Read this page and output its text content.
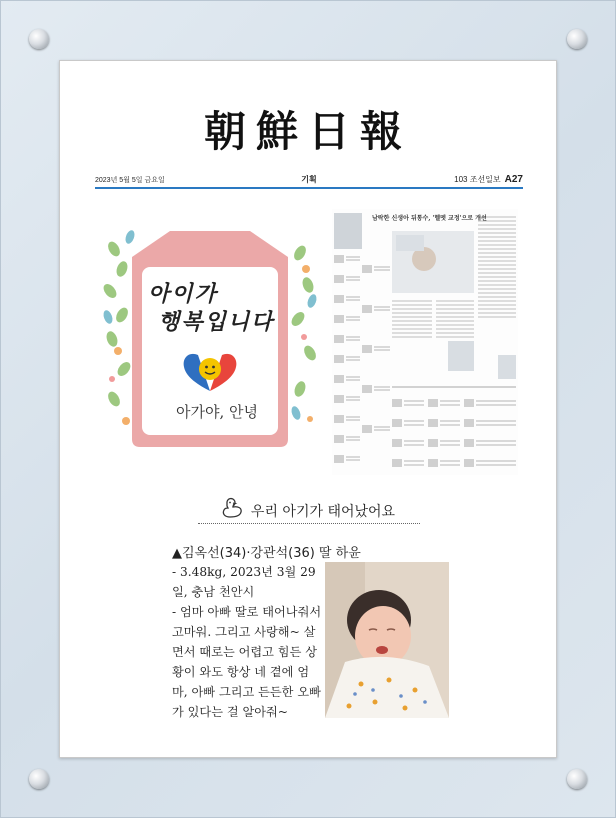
朝鮮日報
2023년 5월 5일 금요일	기획	103 조선일보 A27
아이가
행복입니다
아가야, 안녕
남락한 신생아 뒤통수, '헬멧 교정'으로 개선
우리 아기가 태어났어요
▲김옥선(34)·강관석(36) 딸 하윤

- 3.48kg, 2023년 3월 29일, 충남 천안시

- 엄마 아빠 딸로 태어나줘서 고마워. 그리고 사랑해~ 살면서 때로는 어렵고 힘든 상황이 와도 항상 네 곁에 엄마, 아빠 그리고 든든한 오빠가 있다는 걸 알아줘~
